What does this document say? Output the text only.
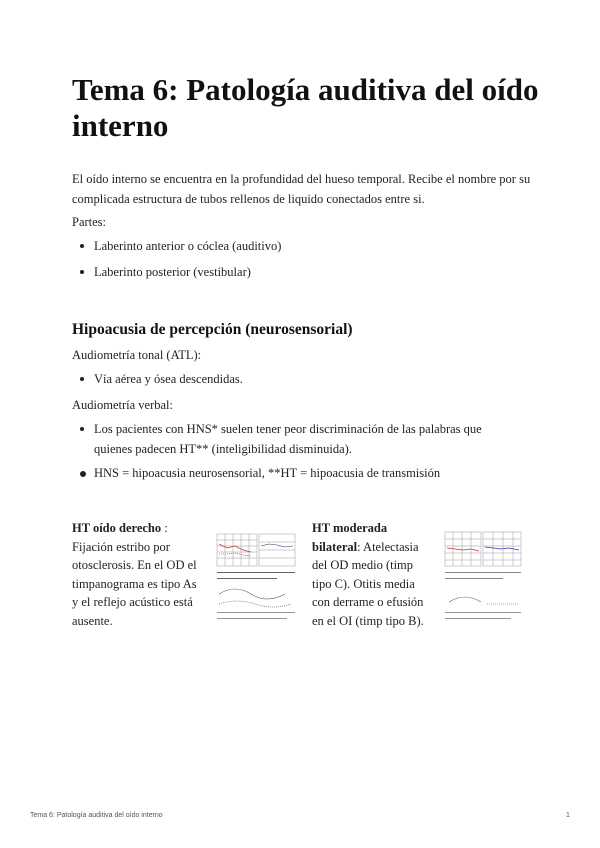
Tema 6: Patología auditiva del oído interno

El oído interno se encuentra en la profundidad del hueso temporal. Recibe el nombre por su complicada estructura de tubos rellenos de liquido conectados entre si.

Partes:

Laberinto anterior o cóclea (auditivo)
Laberinto posterior (vestibular)
Hipoacusia de percepción (neurosensorial)

Audiometría tonal (ATL):

Vía aérea y ósea descendidas.

Audiometría verbal:

Los pacientes con HNS* suelen tener peor discriminación de las palabras que quienes padecen HT** (inteligibilidad disminuida).
HNS = hipoacusia neurosensorial, **HT = hipoacusia de transmisión
HT oído derecho : Fijación estribo por otosclerosis. En el OD el timpanograma es tipo As y el reflejo acústico está ausente.
HT moderada bilateral: Atelectasia del OD medio (timp tipo C). Otitis media con derrame o efusión en el OI (timp tipo B).
Tema 6: Patología auditiva del oído interno	1
